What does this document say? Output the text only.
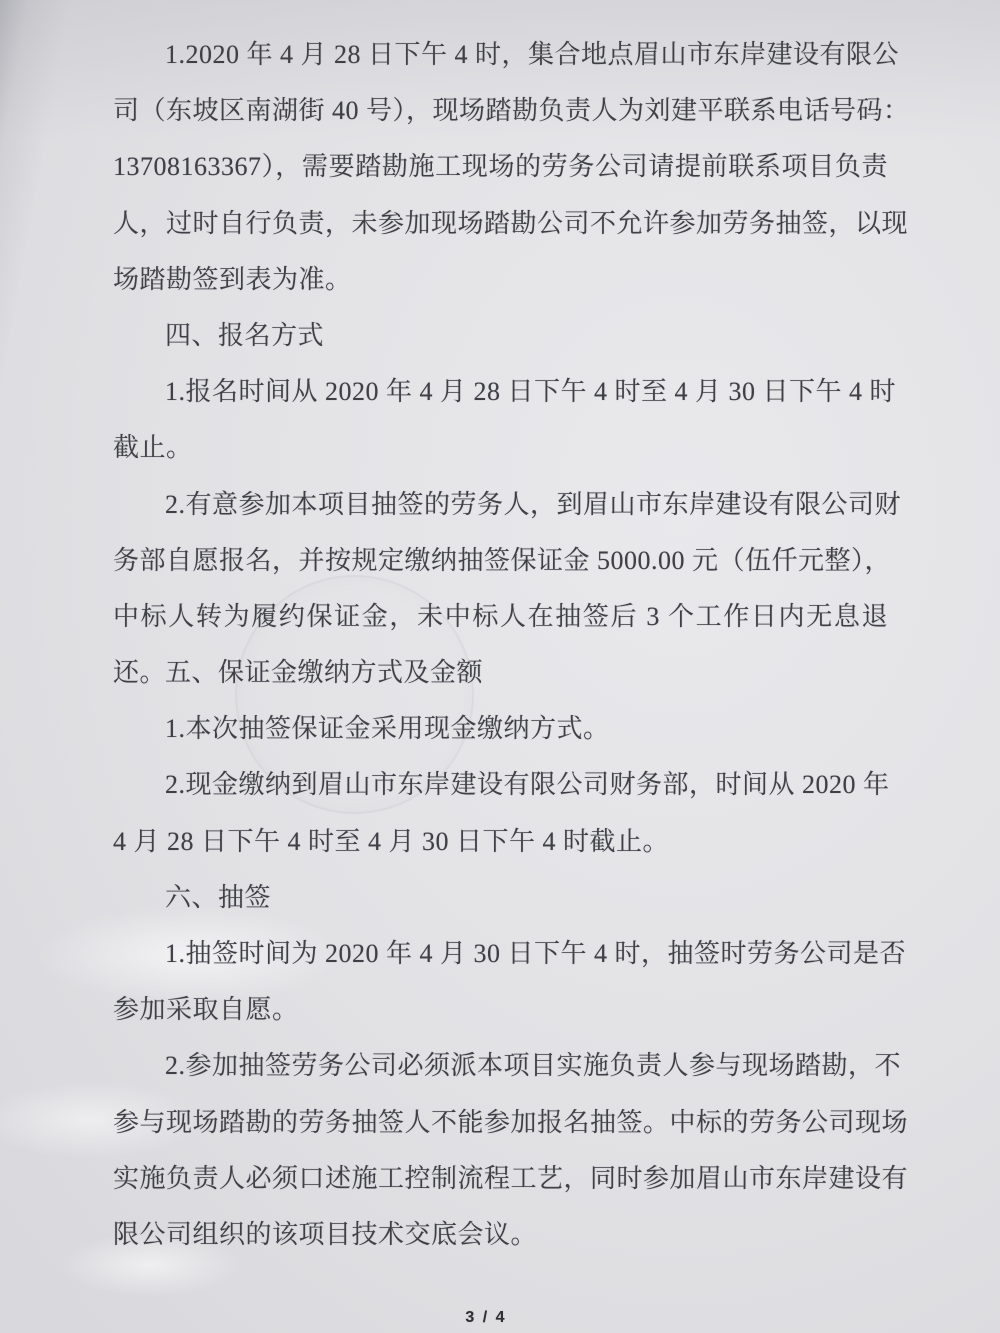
1.2020 年 4 月 28 日下午 4 时，集合地点眉山市东岸建设有限公
司（东坡区南湖街 40 号），现场踏勘负责人为刘建平联系电话号码：
13708163367），需要踏勘施工现场的劳务公司请提前联系项目负责
人，过时自行负责，未参加现场踏勘公司不允许参加劳务抽签，以现
场踏勘签到表为准。
四、报名方式
1.报名时间从 2020 年 4 月 28 日下午 4 时至 4 月 30 日下午 4 时
截止。
2.有意参加本项目抽签的劳务人，到眉山市东岸建设有限公司财
务部自愿报名，并按规定缴纳抽签保证金 5000.00 元（伍仟元整），
中标人转为履约保证金，未中标人在抽签后 3 个工作日内无息退还。
五、保证金缴纳方式及金额
1.本次抽签保证金采用现金缴纳方式。
2.现金缴纳到眉山市东岸建设有限公司财务部，时间从 2020 年
4 月 28 日下午 4 时至 4 月 30 日下午 4 时截止。
六、抽签
1.抽签时间为 2020 年 4 月 30 日下午 4 时，抽签时劳务公司是否
参加采取自愿。
2.参加抽签劳务公司必须派本项目实施负责人参与现场踏勘，不
参与现场踏勘的劳务抽签人不能参加报名抽签。中标的劳务公司现场
实施负责人必须口述施工控制流程工艺，同时参加眉山市东岸建设有
限公司组织的该项目技术交底会议。
3 / 4
